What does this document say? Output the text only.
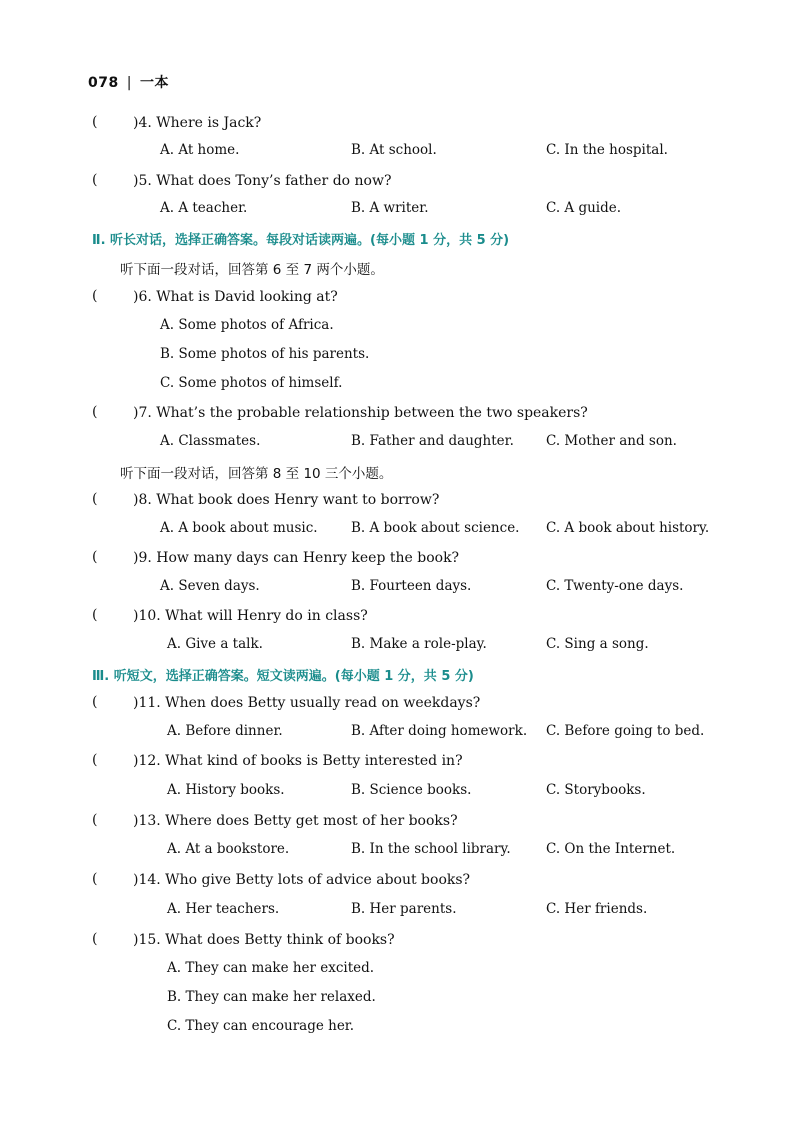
078 | 一本
(	)4. Where is Jack?
A. At home.	B. At school.	C. In the hospital.
(	)5. What does Tony’s father do now?
A. A teacher.	B. A writer.	C. A guide.
Ⅱ. 听长对话，选择正确答案。每段对话读两遍。(每小题 1 分，共 5 分)
听下面一段对话，回答第 6 至 7 两个小题。
(	)6. What is David looking at?
A. Some photos of Africa.
B. Some photos of his parents.
C. Some photos of himself.
(	)7. What’s the probable relationship between the two speakers?
A. Classmates.	B. Father and daughter. C. Mother and son.
听下面一段对话，回答第 8 至 10 三个小题。
(	)8. What book does Henry want to borrow?
A. A book about music. B. A book about science. C. A book about history.
(	)9. How many days can Henry keep the book?
A. Seven days.	B. Fourteen days.	C. Twenty-one days.
(	)10. What will Henry do in class?
A. Give a talk.	B. Make a role-play.	C. Sing a song.
Ⅲ. 听短文，选择正确答案。短文读两遍。(每小题 1 分，共 5 分)
(	)11. When does Betty usually read on weekdays?
A. Before dinner.	B. After doing homework. C. Before going to bed.
(	)12. What kind of books is Betty interested in?
A. History books.	B. Science books.	C. Storybooks.
(	)13. Where does Betty get most of her books?
A. At a bookstore.	B. In the school library.	C. On the Internet.
(	)14. Who give Betty lots of advice about books?
A. Her teachers.	B. Her parents.	C. Her friends.
(	)15. What does Betty think of books?
A. They can make her excited.
B. They can make her relaxed.
C. They can encourage her.
